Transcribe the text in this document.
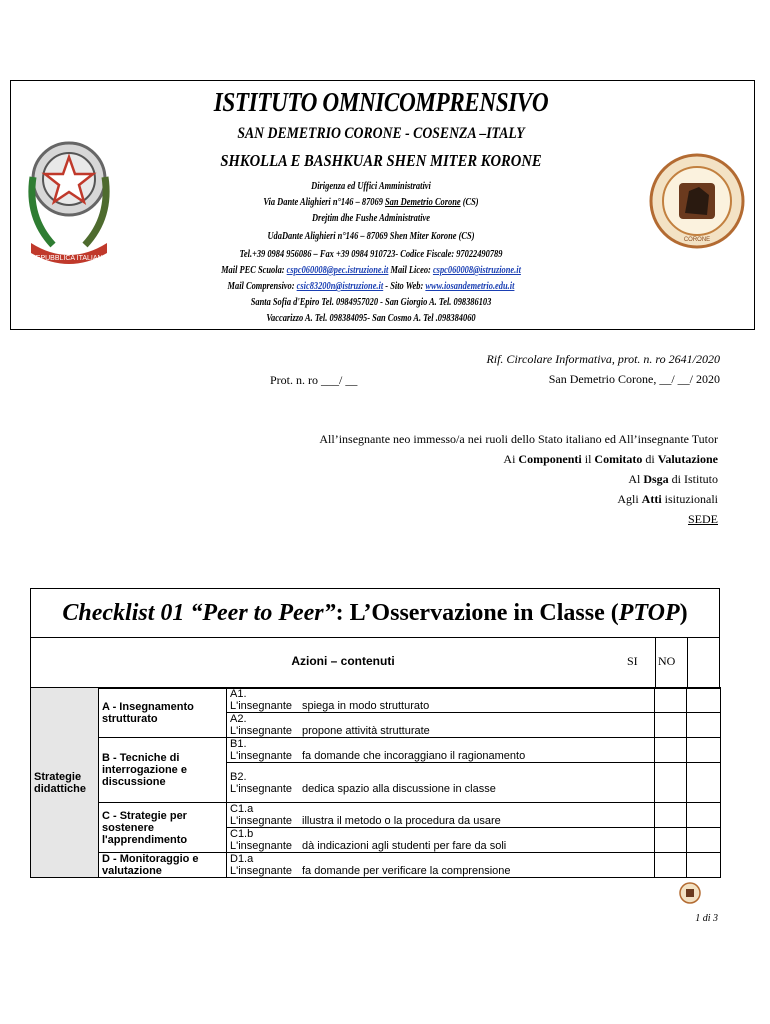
REPUBBLICA ITALIANA
ISTITUTO OMNICOMPRENSIVO
SAN DEMETRIO CORONE - COSENZA –ITALY
SHKOLLA E BASHKUAR SHEN MITER KORONE
Dirigenza ed Uffici Amministrativi
Via Dante Alighieri n°146 – 87069 San Demetrio Corone (CS)
Drejtim dhe Fushe Administrative
UdaDante Alighieri n°146 – 87069 Shen Miter Korone (CS)
Tel.+39 0984 956086 – Fax +39 0984 910723- Codice Fiscale: 97022490789
Mail PEC Scuola: cspc060008@pec.istruzione.it Mail Liceo: cspc060008@istruzione.it
Mail Comprensivo: csic83200n@istruzione.it - Sito Web: www.iosandemetrio.edu.it
Santa Sofia d'Epiro Tel. 0984957020 - San Giorgio A. Tel. 098386103
Vaccarizzo A. Tel. 098384095- San Cosmo A. Tel .098384060
CORONE
Rif. Circolare Informativa, prot. n. ro 2641/2020
San Demetrio Corone, __/ __/ 2020
Prot. n. ro ___/ __
All’insegnante neo immesso/a nei ruoli dello Stato italiano ed All’insegnante Tutor
Ai Componenti il Comitato di Valutazione
Al Dsga di Istituto
Agli Atti isituzionali
SEDE
Checklist 01 “Peer to Peer”: L’Osservazione in Classe (PTOP)
Azioni – contenuti	SI NO
Strategie didattiche	A - Insegnamento strutturato	A1. L'insegnante spiega in modo strutturato		
		A2. L'insegnante propone attività strutturate		
	B - Tecniche di interrogazione e discussione	B1. L'insegnante fa domande che incoraggiano il ragionamento		
		B2. L'insegnante dedica spazio alla discussione in classe		
	C - Strategie per sostenere l'apprendimento	C1.a L'insegnante illustra il metodo o la procedura da usare		
		C1.b L'insegnante dà indicazioni agli studenti per fare da soli		
	D - Monitoraggio e valutazione	D1.a L'insegnante fa domande per verificare la comprensione		
1 di 3
